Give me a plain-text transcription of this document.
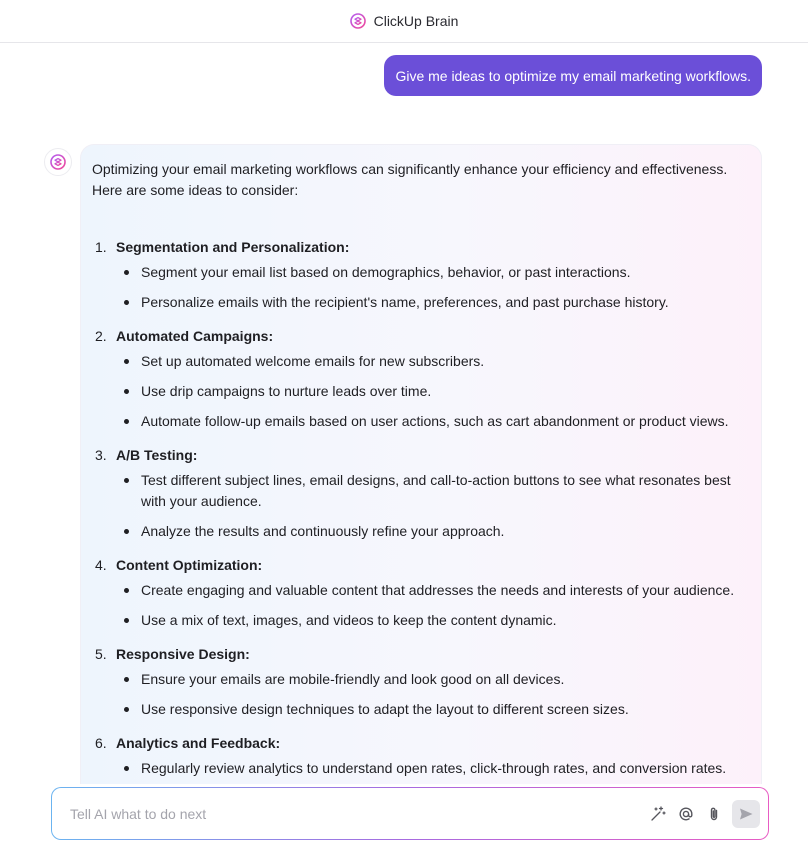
ClickUp Brain
Give me ideas to optimize my email marketing workflows.

Optimizing your email marketing workflows can significantly enhance your efficiency and effectiveness. Here are some ideas to consider:

1. Segmentation and Personalization:
Segment your email list based on demographics, behavior, or past interactions.
Personalize emails with the recipient's name, preferences, and past purchase history.
2. Automated Campaigns:
Set up automated welcome emails for new subscribers.
Use drip campaigns to nurture leads over time.
Automate follow-up emails based on user actions, such as cart abandonment or product views.
3. A/B Testing:
Test different subject lines, email designs, and call-to-action buttons to see what resonates best with your audience.
Analyze the results and continuously refine your approach.
4. Content Optimization:
Create engaging and valuable content that addresses the needs and interests of your audience.
Use a mix of text, images, and videos to keep the content dynamic.
5. Responsive Design:
Ensure your emails are mobile-friendly and look good on all devices.
Use responsive design techniques to adapt the layout to different screen sizes.
6. Analytics and Feedback:
Regularly review analytics to understand open rates, click-through rates, and conversion rates.
Tell AI what to do next
